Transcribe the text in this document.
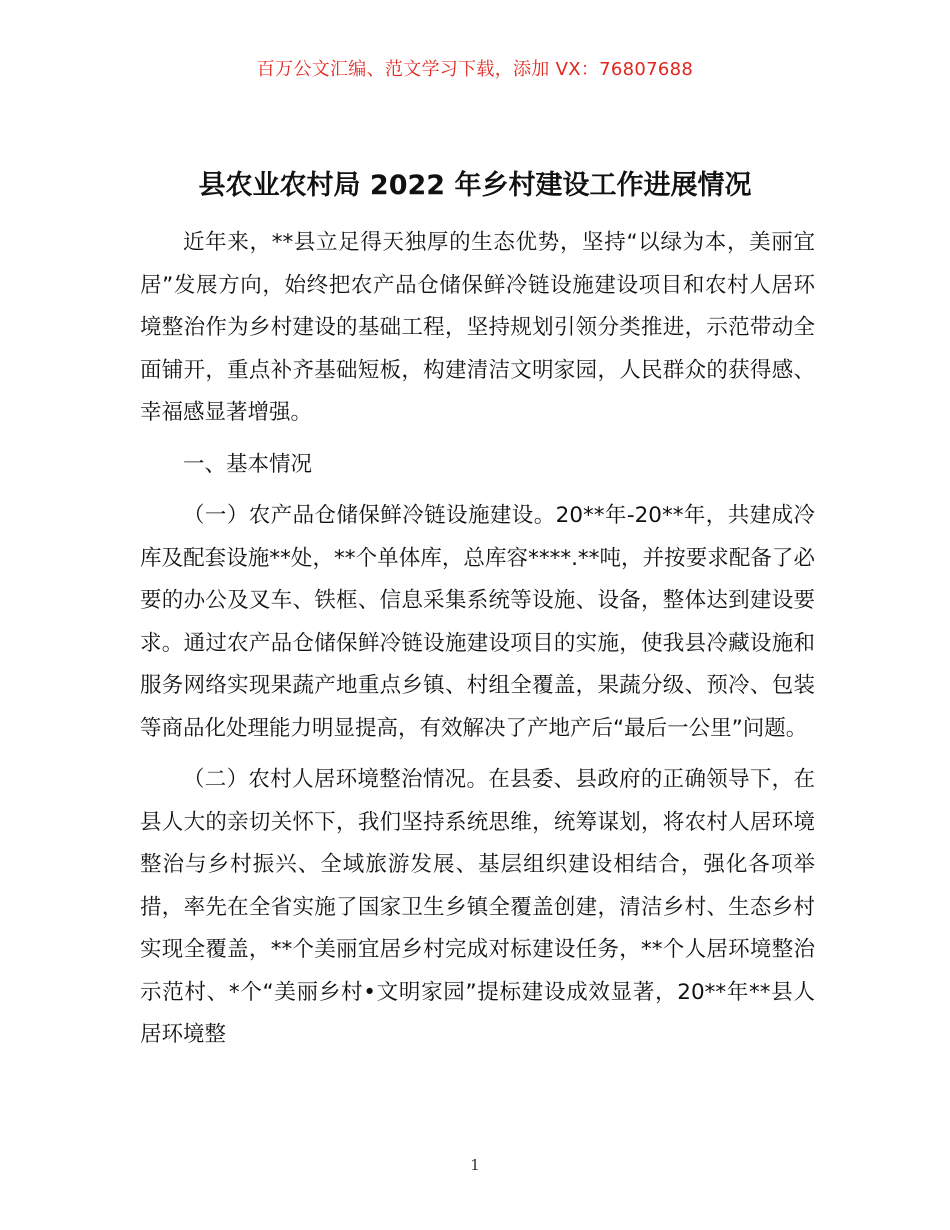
百万公文汇编、范文学习下载，添加 VX：76807688
县农业农村局 2022 年乡村建设工作进展情况

近年来，**县立足得天独厚的生态优势，坚持“以绿为本，美丽宜居”发展方向，始终把农产品仓储保鲜冷链设施建设项目和农村人居环境整治作为乡村建设的基础工程，坚持规划引领分类推进，示范带动全面铺开，重点补齐基础短板，构建清洁文明家园，人民群众的获得感、幸福感显著增强。

一、基本情况

（一）农产品仓储保鲜冷链设施建设。20**年-20**年，共建成冷库及配套设施**处，**个单体库，总库容****.**吨，并按要求配备了必要的办公及叉车、铁框、信息采集系统等设施、设备，整体达到建设要求。通过农产品仓储保鲜冷链设施建设项目的实施，使我县冷藏设施和服务网络实现果蔬产地重点乡镇、村组全覆盖，果蔬分级、预冷、包装等商品化处理能力明显提高，有效解决了产地产后“最后一公里”问题。

（二）农村人居环境整治情况。在县委、县政府的正确领导下，在县人大的亲切关怀下，我们坚持系统思维，统筹谋划，将农村人居环境整治与乡村振兴、全域旅游发展、基层组织建设相结合，强化各项举措，率先在全省实施了国家卫生乡镇全覆盖创建，清洁乡村、生态乡村实现全覆盖，**个美丽宜居乡村完成对标建设任务，**个人居环境整治示范村、*个“美丽乡村•文明家园”提标建设成效显著，20**年**县人居环境整

1
